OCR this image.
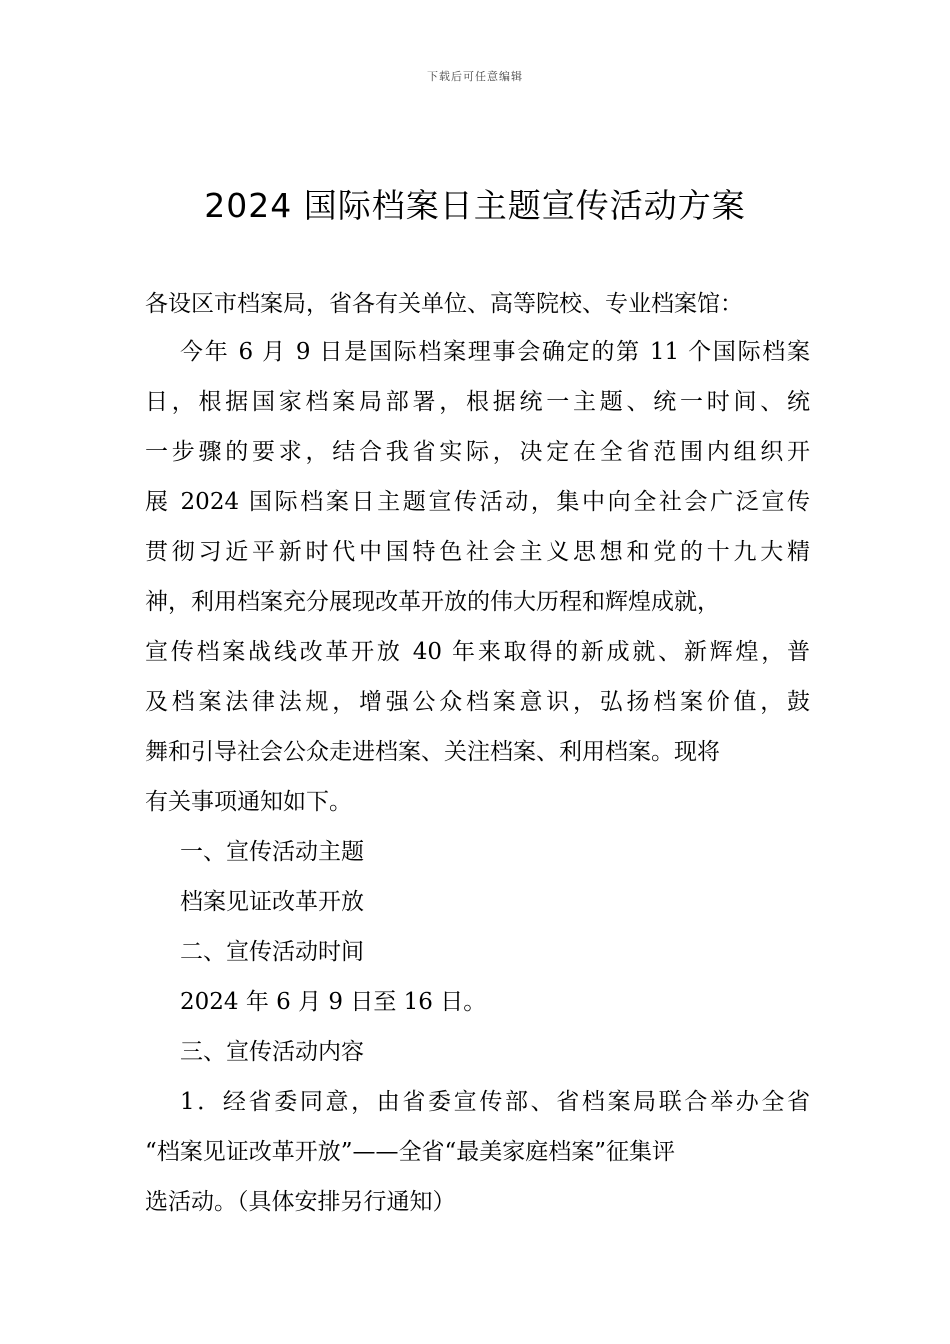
下载后可任意编辑
2024 国际档案日主题宣传活动方案
各设区市档案局，省各有关单位、高等院校、专业档案馆：
今年 6 月 9 日是国际档案理事会确定的第 11 个国际档案
日，根据国家档案局部署，根据统一主题、统一时间、统
一步骤的要求，结合我省实际，决定在全省范围内组织开
展 2024 国际档案日主题宣传活动，集中向全社会广泛宣传
贯彻习近平新时代中国特色社会主义思想和党的十九大精
神，利用档案充分展现改革开放的伟大历程和辉煌成就，
宣传档案战线改革开放 40 年来取得的新成就、新辉煌，普
及档案法律法规，增强公众档案意识，弘扬档案价值，鼓
舞和引导社会公众走进档案、关注档案、利用档案。现将
有关事项通知如下。
一、宣传活动主题
档案见证改革开放
二、宣传活动时间
2024 年 6 月 9 日至 16 日。
三、宣传活动内容
1．经省委同意，由省委宣传部、省档案局联合举办全省
“档案见证改革开放”——全省“最美家庭档案”征集评
选活动。（具体安排另行通知）
